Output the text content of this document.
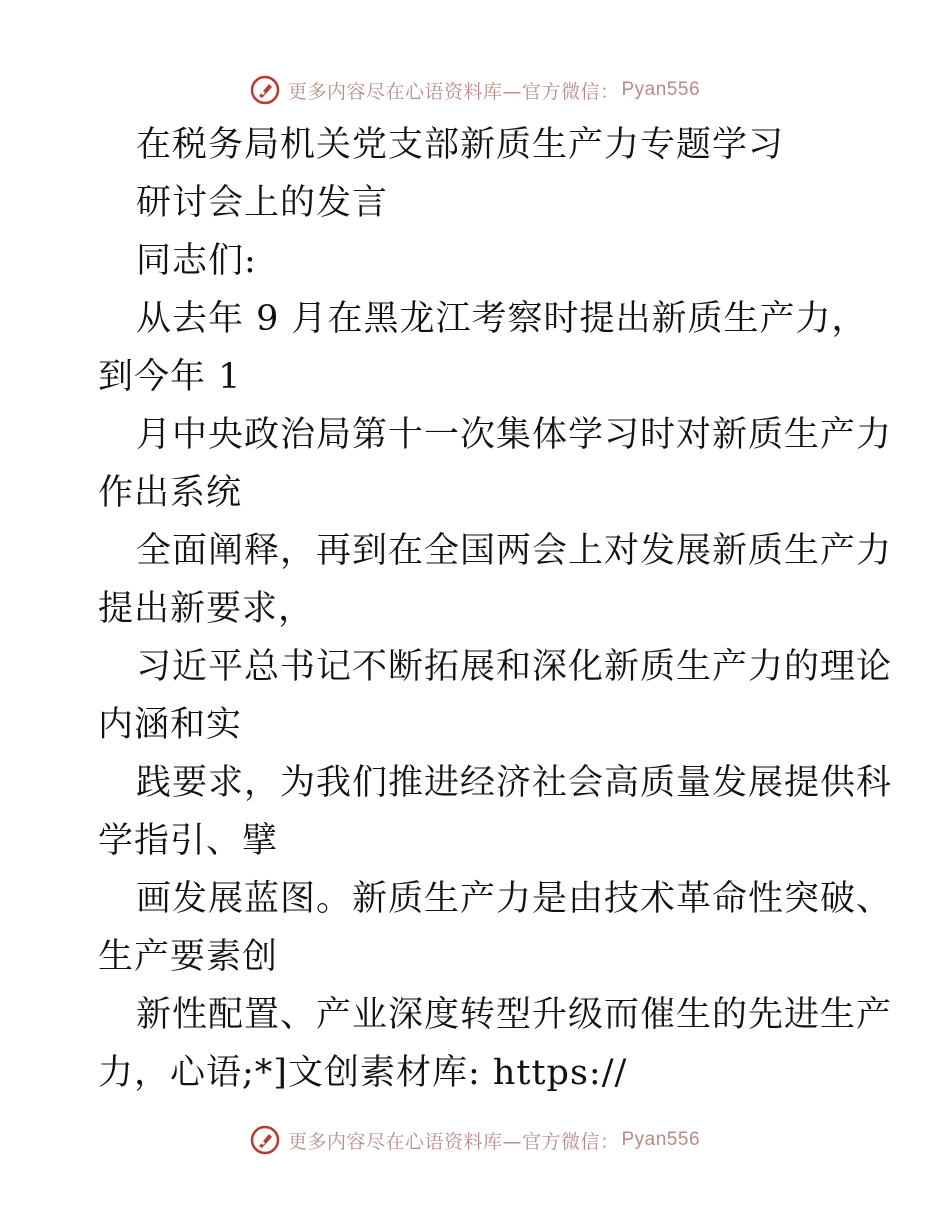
更多内容尽在心语资料库—官方微信： Pyan556
在税务局机关党支部新质生产力专题学习
研讨会上的发言
同志们:
从去年 9 月在黑龙江考察时提出新质生产力，
到今年 1
月中央政治局第十一次集体学习时对新质生产力
作出系统
全面阐释，再到在全国两会上对发展新质生产力
提出新要求，
习近平总书记不断拓展和深化新质生产力的理论
内涵和实
践要求，为我们推进经济社会高质量发展提供科
学指引、擘
画发展蓝图。新质生产力是由技术革命性突破、
生产要素创
新性配置、产业深度转型升级而催生的先进生产
力，心语;*]文创素材库: https://
更多内容尽在心语资料库—官方微信： Pyan556
